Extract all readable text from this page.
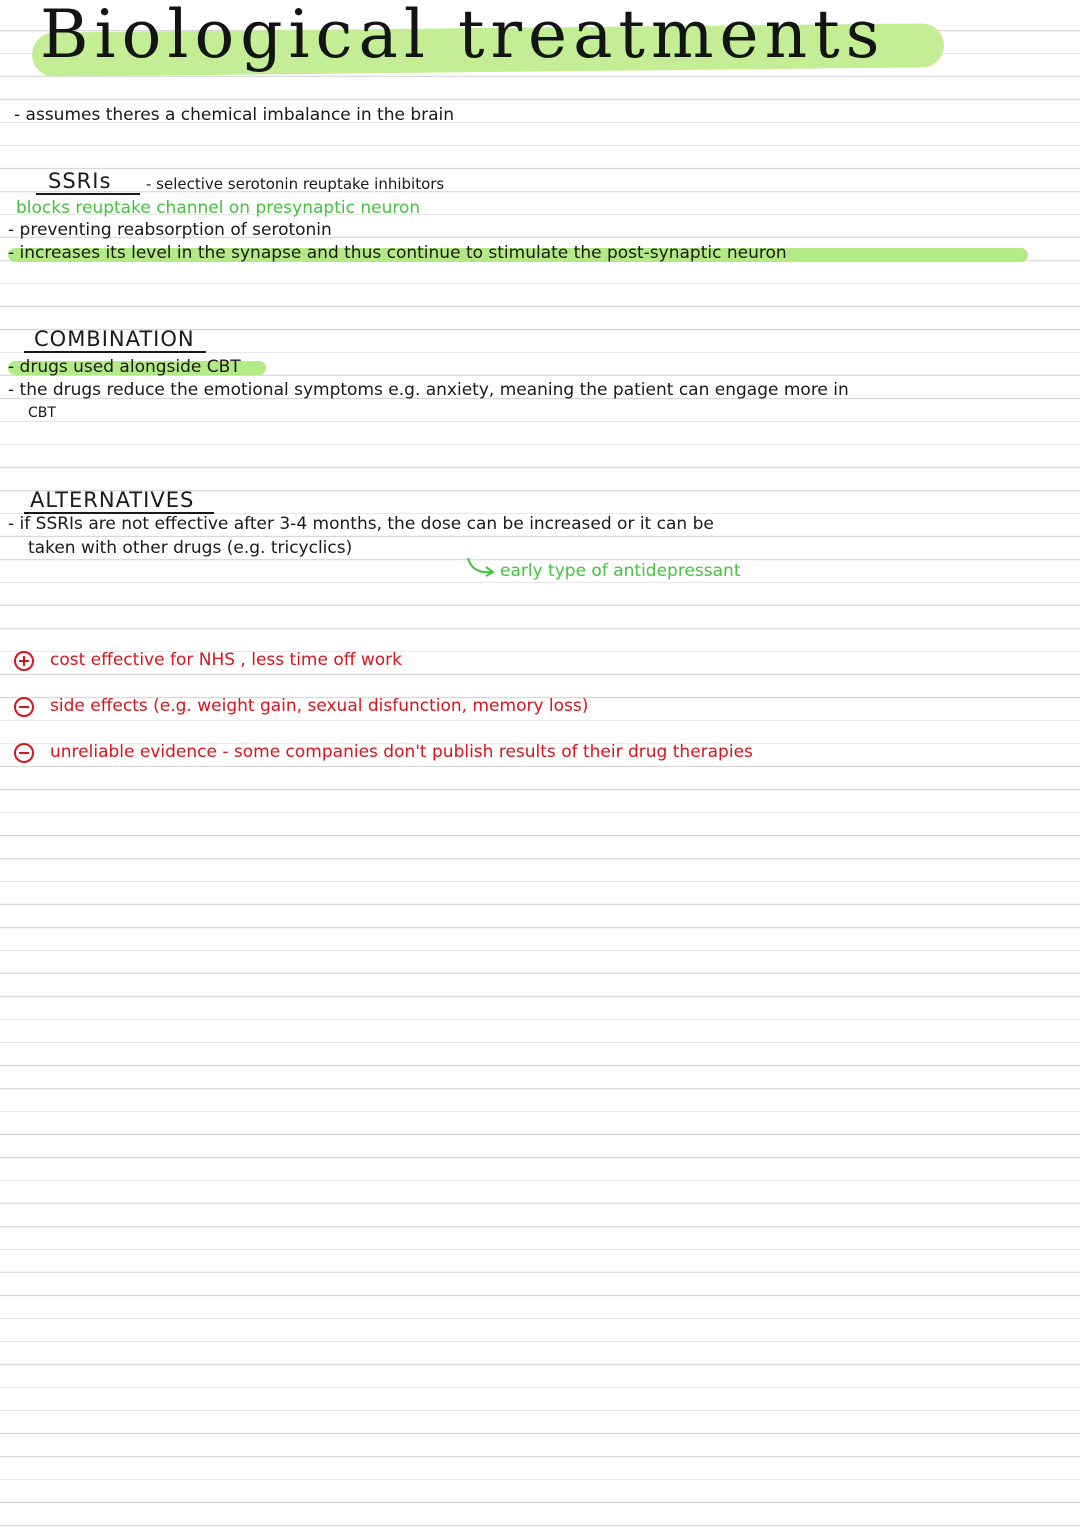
Biological treatments
- assumes theres a chemical imbalance in the brain
SSRIs - selective serotonin reuptake inhibitors
blocks reuptake channel on presynaptic neuron
- preventing reabsorption of serotonin
- increases its level in the synapse and thus continue to stimulate the post-synaptic neuron
COMBINATION
- drugs used alongside CBT
- the drugs reduce the emotional symptoms e.g. anxiety, meaning the patient can engage more in
CBT
ALTERNATIVES
- if SSRIs are not effective after 3-4 months, the dose can be increased or it can be
taken with other drugs (e.g. tricyclics)
early type of antidepressant
cost effective for NHS , less time off work
side effects (e.g. weight gain, sexual disfunction, memory loss)
unreliable evidence - some companies don't publish results of their drug therapies
